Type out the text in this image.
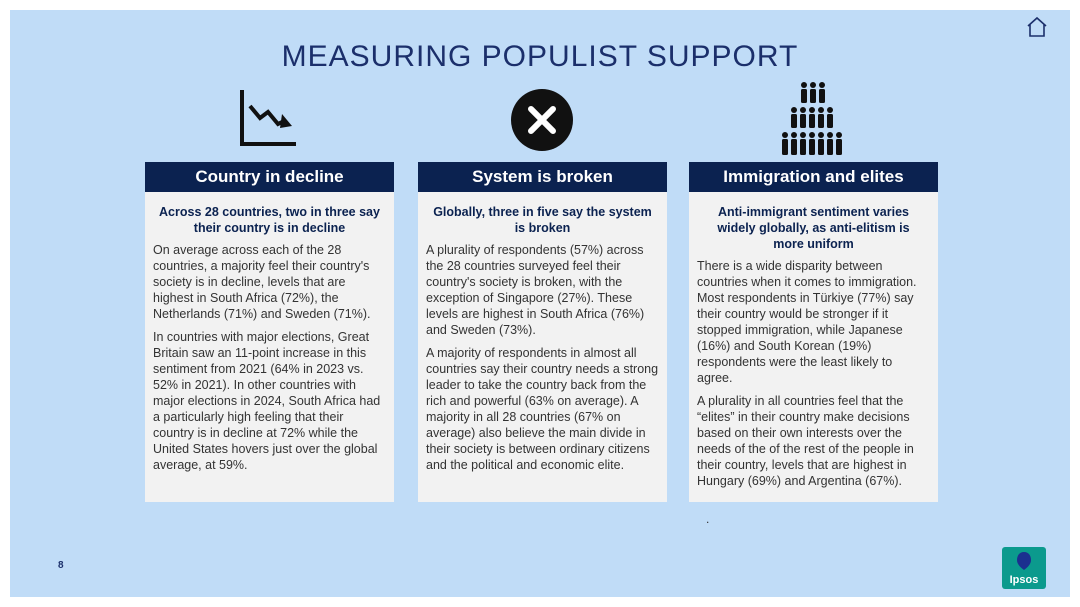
MEASURING POPULIST SUPPORT
Country in decline
Across 28 countries, two in three say their country is in decline

On average across each of the 28 countries, a majority feel their country's society is in decline, levels that are highest in South Africa (72%), the Netherlands (71%) and Sweden (71%).

In countries with major elections, Great Britain saw an 11-point increase in this sentiment from 2021 (64% in 2023 vs. 52% in 2021). In other countries with major elections in 2024, South Africa had a particularly high feeling that their country is in decline at 72% while the United States hovers just over the global average, at 59%.

System is broken
Globally, three in five say the system is broken

A plurality of respondents (57%) across the 28 countries surveyed feel their country's society is broken, with the exception of Singapore (27%). These levels are highest in South Africa (76%) and Sweden (73%).

A majority of respondents in almost all countries say their country needs a strong leader to take the country back from the rich and powerful (63% on average). A majority in all 28 countries (67% on average) also believe the main divide in their society is between ordinary citizens and the political and economic elite.

Immigration and elites
Anti-immigrant sentiment varies widely globally, as anti-elitism is more uniform

There is a wide disparity between countries when it comes to immigration. Most respondents in Türkiye (77%) say their country would be stronger if it stopped immigration, while Japanese (16%) and South Korean (19%) respondents were the least likely to agree.

A plurality in all countries feel that the “elites” in their country make decisions based on their own interests over the needs of the of the rest of the people in their country, levels that are highest in Hungary (69%) and Argentina (67%).

.
8
Ipsos
